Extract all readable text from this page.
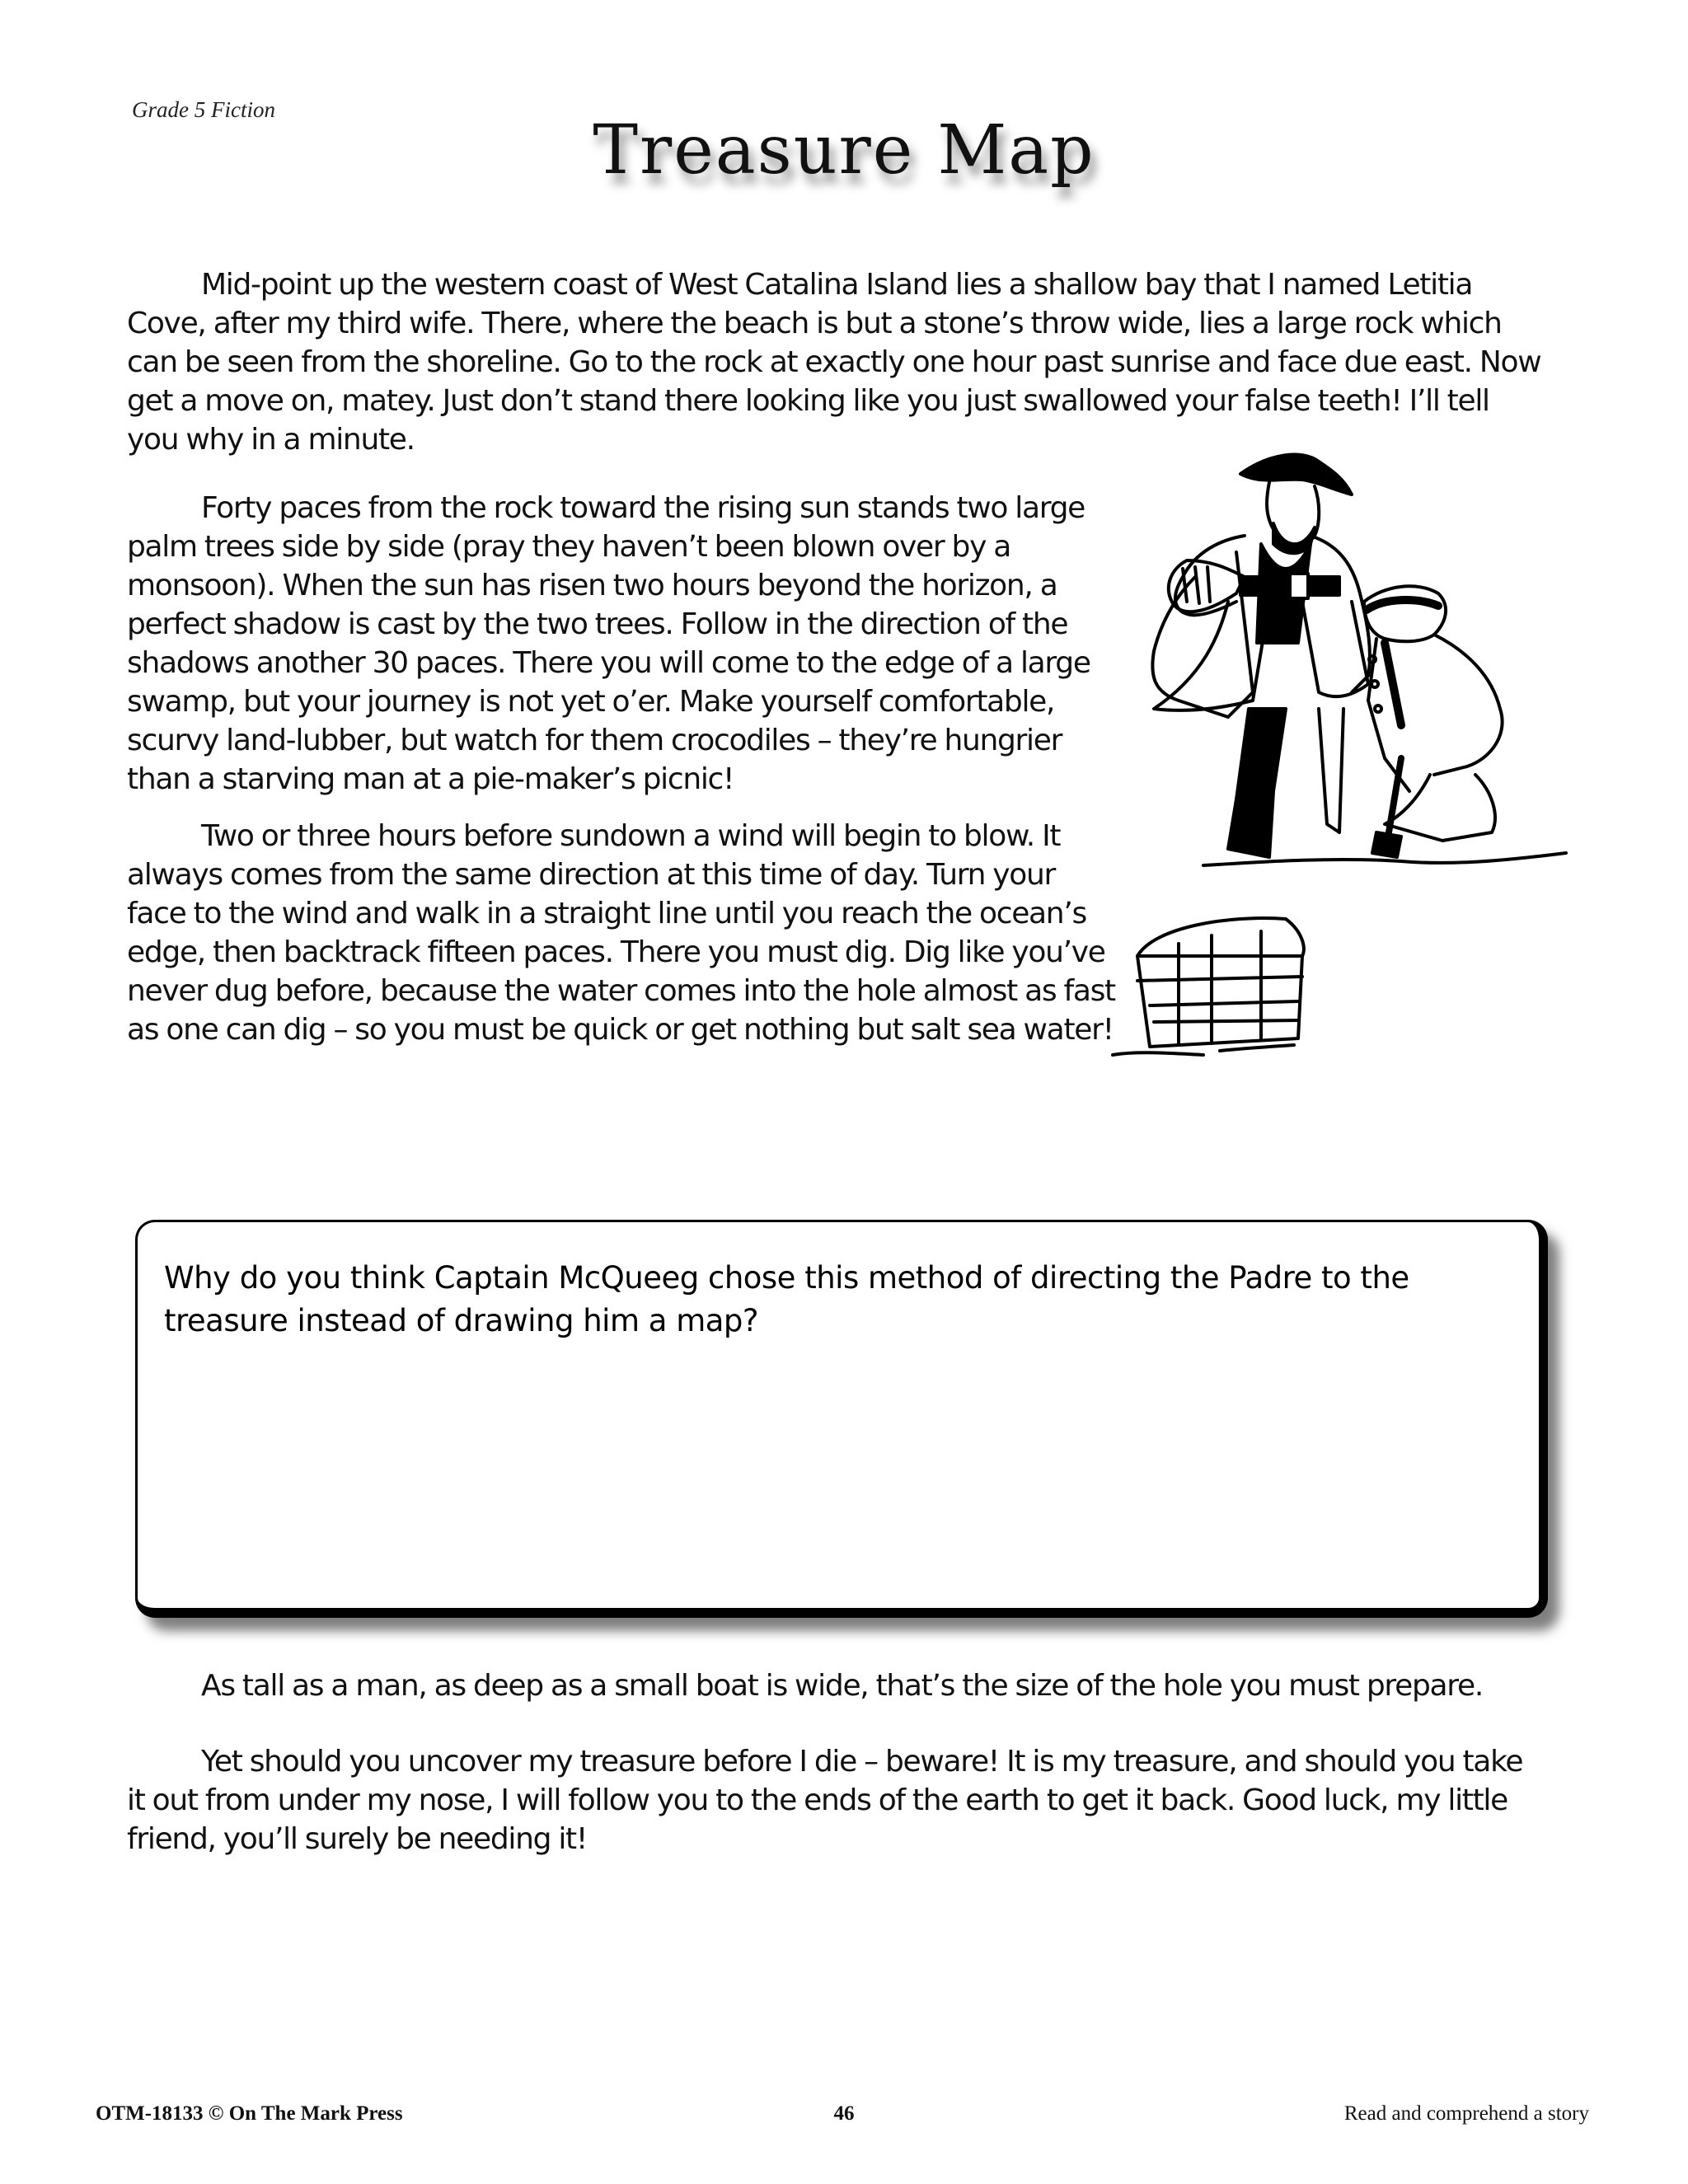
Grade 5 Fiction
Treasure Map

Mid-point up the western coast of West Catalina Island lies a shallow bay that I named Letitia Cove, after my third wife. There, where the beach is but a stone’s throw wide, lies a large rock which can be seen from the shoreline. Go to the rock at exactly one hour past sunrise and face due east. Now get a move on, matey. Just don’t stand there looking like you just swallowed your false teeth! I’ll tell you why in a minute.

Forty paces from the rock toward the rising sun stands two large palm trees side by side (pray they haven’t been blown over by a monsoon). When the sun has risen two hours beyond the horizon, a perfect shadow is cast by the two trees. Follow in the direction of the shadows another 30 paces. There you will come to the edge of a large swamp, but your journey is not yet o’er. Make yourself comfortable, scurvy land-lubber, but watch for them crocodiles – they’re hungrier than a starving man at a pie-maker’s picnic!

Two or three hours before sundown a wind will begin to blow. It always comes from the same direction at this time of day. Turn your face to the wind and walk in a straight line until you reach the ocean’s edge, then backtrack fifteen paces. There you must dig. Dig like you’ve never dug before, because the water comes into the hole almost as fast as one can dig – so you must be quick or get nothing but salt sea water!

Why do you think Captain McQueeg chose this method of directing the Padre to the treasure instead of drawing him a map?

As tall as a man, as deep as a small boat is wide, that’s the size of the hole you must prepare.

Yet should you uncover my treasure before I die – beware! It is my treasure, and should you take it out from under my nose, I will follow you to the ends of the earth to get it back. Good luck, my little friend, you’ll surely be needing it!

OTM-18133 © On The Mark Press	46	Read and comprehend a story
